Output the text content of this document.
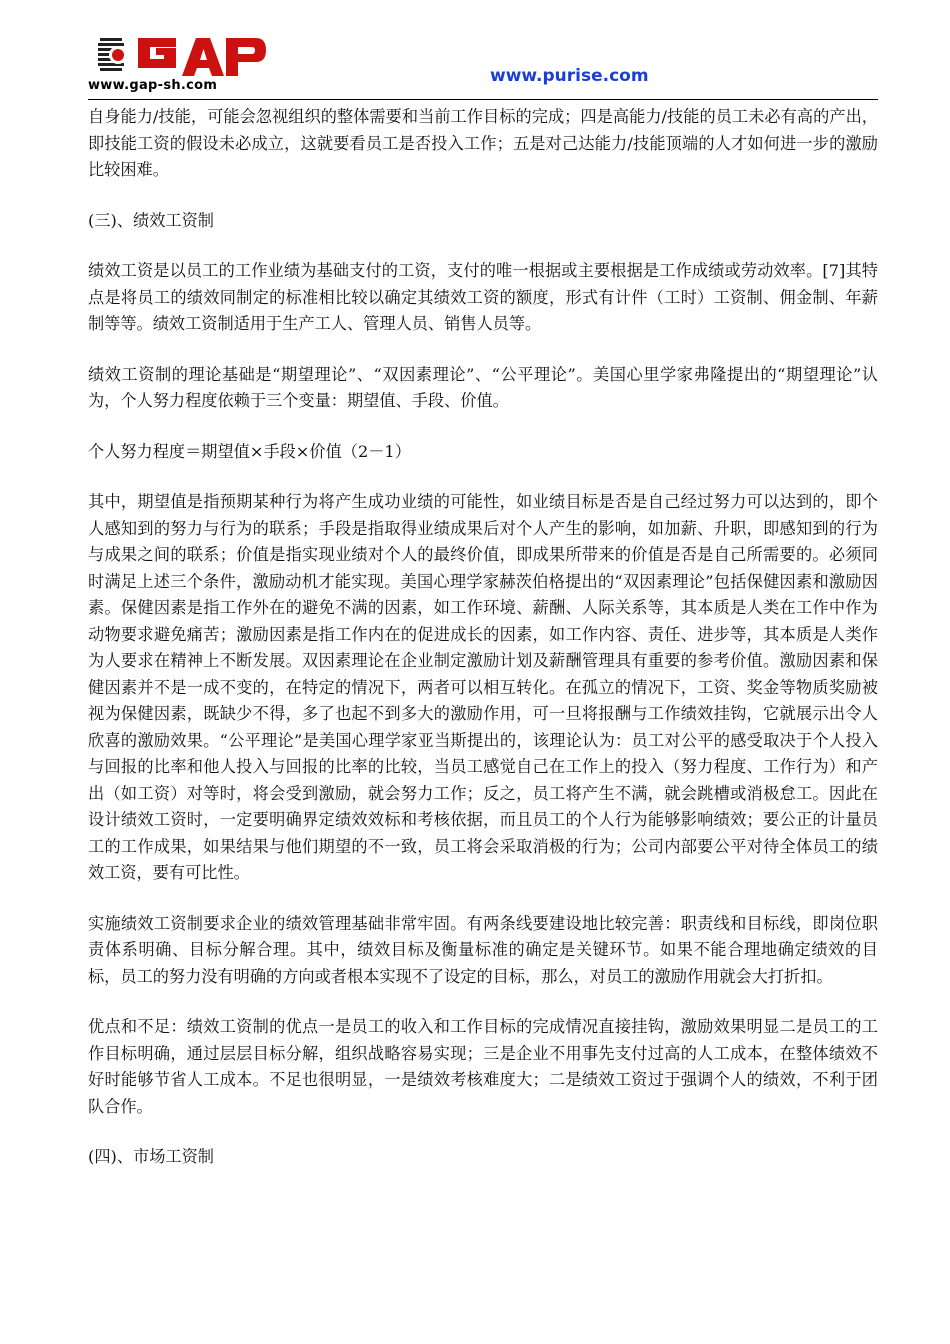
www.gap-sh.com	www.purise.com

自身能力/技能，可能会忽视组织的整体需要和当前工作目标的完成；四是高能力/技能的员工未必有高的产出，即技能工资的假设未必成立，这就要看员工是否投入工作；五是对己达能力/技能顶端的人才如何进一步的激励比较困难。

(三)、绩效工资制

绩效工资是以员工的工作业绩为基础支付的工资，支付的唯一根据或主要根据是工作成绩或劳动效率。[7]其特点是将员工的绩效同制定的标准相比较以确定其绩效工资的额度，形式有计件（工时）工资制、佣金制、年薪制等等。绩效工资制适用于生产工人、管理人员、销售人员等。

绩效工资制的理论基础是“期望理论”、“双因素理论”、“公平理论”。美国心里学家弗隆提出的“期望理论”认为，个人努力程度依赖于三个变量：期望值、手段、价值。

个人努力程度＝期望值×手段×价值（2－1）

其中，期望值是指预期某种行为将产生成功业绩的可能性，如业绩目标是否是自己经过努力可以达到的，即个人感知到的努力与行为的联系；手段是指取得业绩成果后对个人产生的影响，如加薪、升职，即感知到的行为与成果之间的联系；价值是指实现业绩对个人的最终价值，即成果所带来的价值是否是自己所需要的。必须同时满足上述三个条件，激励动机才能实现。美国心理学家赫茨伯格提出的“双因素理论”包括保健因素和激励因素。保健因素是指工作外在的避免不满的因素，如工作环境、薪酬、人际关系等，其本质是人类在工作中作为动物要求避免痛苦；激励因素是指工作内在的促进成长的因素，如工作内容、责任、进步等，其本质是人类作为人要求在精神上不断发展。双因素理论在企业制定激励计划及薪酬管理具有重要的参考价值。激励因素和保健因素并不是一成不变的，在特定的情况下，两者可以相互转化。在孤立的情况下，工资、奖金等物质奖励被视为保健因素，既缺少不得，多了也起不到多大的激励作用，可一旦将报酬与工作绩效挂钩，它就展示出令人欣喜的激励效果。“公平理论”是美国心理学家亚当斯提出的，该理论认为：员工对公平的感受取决于个人投入与回报的比率和他人投入与回报的比率的比较，当员工感觉自己在工作上的投入（努力程度、工作行为）和产出（如工资）对等时，将会受到激励，就会努力工作；反之，员工将产生不满，就会跳槽或消极怠工。因此在设计绩效工资时，一定要明确界定绩效效标和考核依据，而且员工的个人行为能够影响绩效；要公正的计量员工的工作成果，如果结果与他们期望的不一致，员工将会采取消极的行为；公司内部要公平对待全体员工的绩效工资，要有可比性。

实施绩效工资制要求企业的绩效管理基础非常牢固。有两条线要建设地比较完善：职责线和目标线，即岗位职责体系明确、目标分解合理。其中，绩效目标及衡量标准的确定是关键环节。如果不能合理地确定绩效的目标，员工的努力没有明确的方向或者根本实现不了设定的目标，那么，对员工的激励作用就会大打折扣。

优点和不足：绩效工资制的优点一是员工的收入和工作目标的完成情况直接挂钩，激励效果明显二是员工的工作目标明确，通过层层目标分解，组织战略容易实现；三是企业不用事先支付过高的人工成本，在整体绩效不好时能够节省人工成本。不足也很明显，一是绩效考核难度大；二是绩效工资过于强调个人的绩效，不利于团队合作。

(四)、市场工资制
